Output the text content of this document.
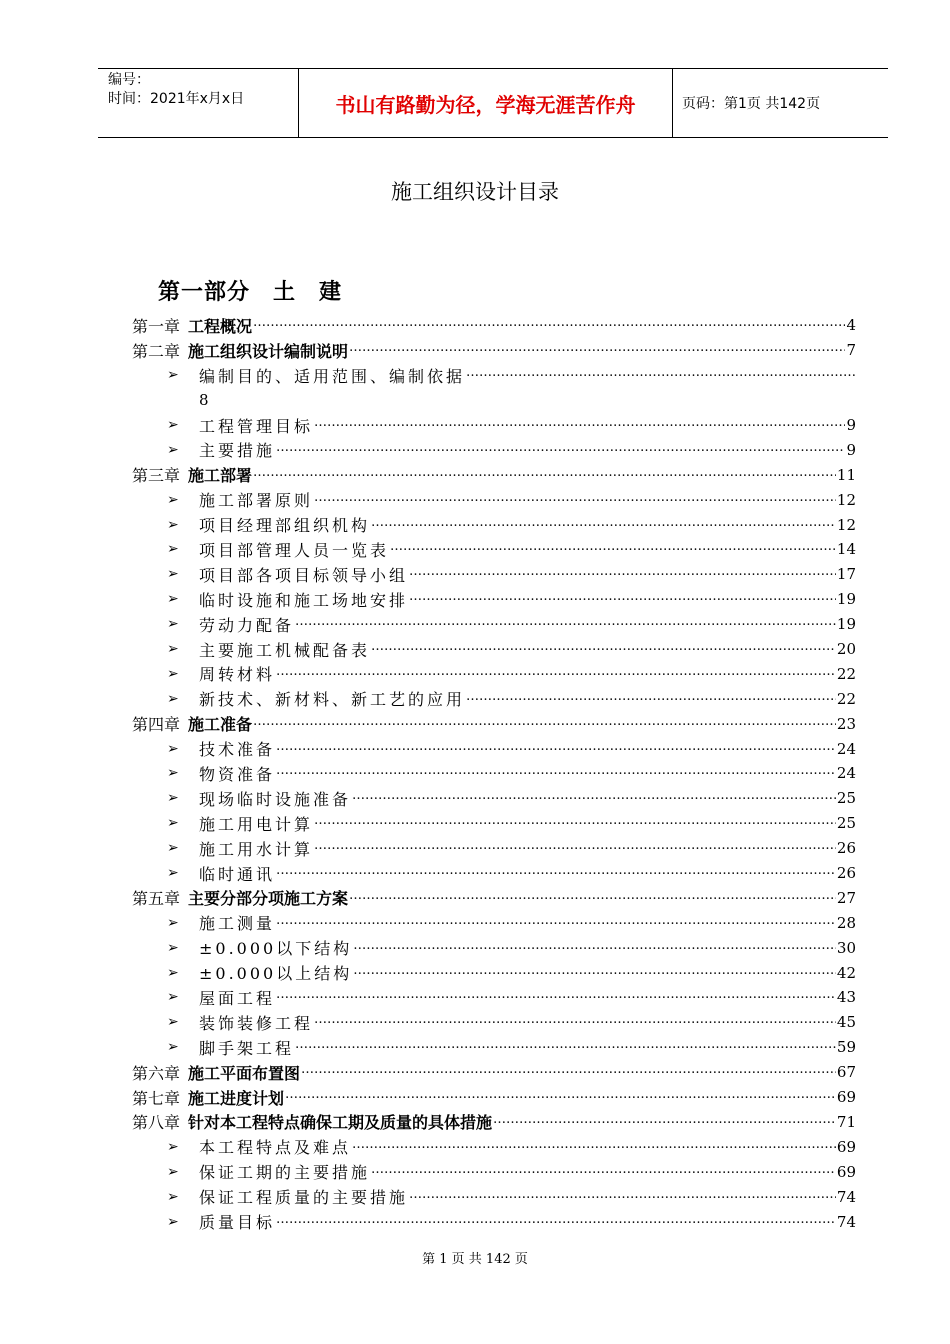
编号：
时间：2021年x月x日	书山有路勤为径，学海无涯苦作舟	页码：第1页 共142页
施工组织设计目录
第一部分　土　建
第一章 工程概况 ……………………………………………………………………………………………………………………………………………………………………	4
第二章 施工组织设计编制说明 ……………………………………………………………………………………………………………………………………………………………………	7
➢	编制目的、适用范围、编制依据
……………………………………………………………………………………………………………………………………………………………………
8
➢	工程管理目标 ……………………………………………………………………………………………………………………………………………………………………	9
➢	主要措施 ……………………………………………………………………………………………………………………………………………………………………	9
第三章 施工部署 ……………………………………………………………………………………………………………………………………………………………………	11
➢	施工部署原则 ……………………………………………………………………………………………………………………………………………………………………	12
➢	项目经理部组织机构 ……………………………………………………………………………………………………………………………………………………………………	12
➢	项目部管理人员一览表 ……………………………………………………………………………………………………………………………………………………………………	14
➢	项目部各项目标领导小组 ……………………………………………………………………………………………………………………………………………………………………	17
➢	临时设施和施工场地安排 ……………………………………………………………………………………………………………………………………………………………………	19
➢	劳动力配备 ……………………………………………………………………………………………………………………………………………………………………	19
➢	主要施工机械配备表 ……………………………………………………………………………………………………………………………………………………………………	20
➢	周转材料 ……………………………………………………………………………………………………………………………………………………………………	22
➢	新技术、新材料、新工艺的应用 ……………………………………………………………………………………………………………………………………………………………………	22
第四章 施工准备 ……………………………………………………………………………………………………………………………………………………………………	23
➢	技术准备 ……………………………………………………………………………………………………………………………………………………………………	24
➢	物资准备 ……………………………………………………………………………………………………………………………………………………………………	24
➢	现场临时设施准备 ……………………………………………………………………………………………………………………………………………………………………	25
➢	施工用电计算 ……………………………………………………………………………………………………………………………………………………………………	25
➢	施工用水计算 ……………………………………………………………………………………………………………………………………………………………………	26
➢	临时通讯 ……………………………………………………………………………………………………………………………………………………………………	26
第五章 主要分部分项施工方案 ……………………………………………………………………………………………………………………………………………………………………	27
➢	施工测量 ……………………………………………………………………………………………………………………………………………………………………	28
➢	±0.000以下结构 ……………………………………………………………………………………………………………………………………………………………………	30
➢	±0.000以上结构 ……………………………………………………………………………………………………………………………………………………………………	42
➢	屋面工程 ……………………………………………………………………………………………………………………………………………………………………	43
➢	装饰装修工程 ……………………………………………………………………………………………………………………………………………………………………	45
➢	脚手架工程 ……………………………………………………………………………………………………………………………………………………………………	59
第六章 施工平面布置图 ……………………………………………………………………………………………………………………………………………………………………	67
第七章 施工进度计划 ……………………………………………………………………………………………………………………………………………………………………	69
第八章 针对本工程特点确保工期及质量的具体措施 ……………………………………………………………………………………………………………………………………………………………………	71
➢	本工程特点及难点 ……………………………………………………………………………………………………………………………………………………………………	69
➢	保证工期的主要措施 ……………………………………………………………………………………………………………………………………………………………………	69
➢	保证工程质量的主要措施 ……………………………………………………………………………………………………………………………………………………………………	74
➢	质量目标 ……………………………………………………………………………………………………………………………………………………………………	74
第 1 页 共 142 页
